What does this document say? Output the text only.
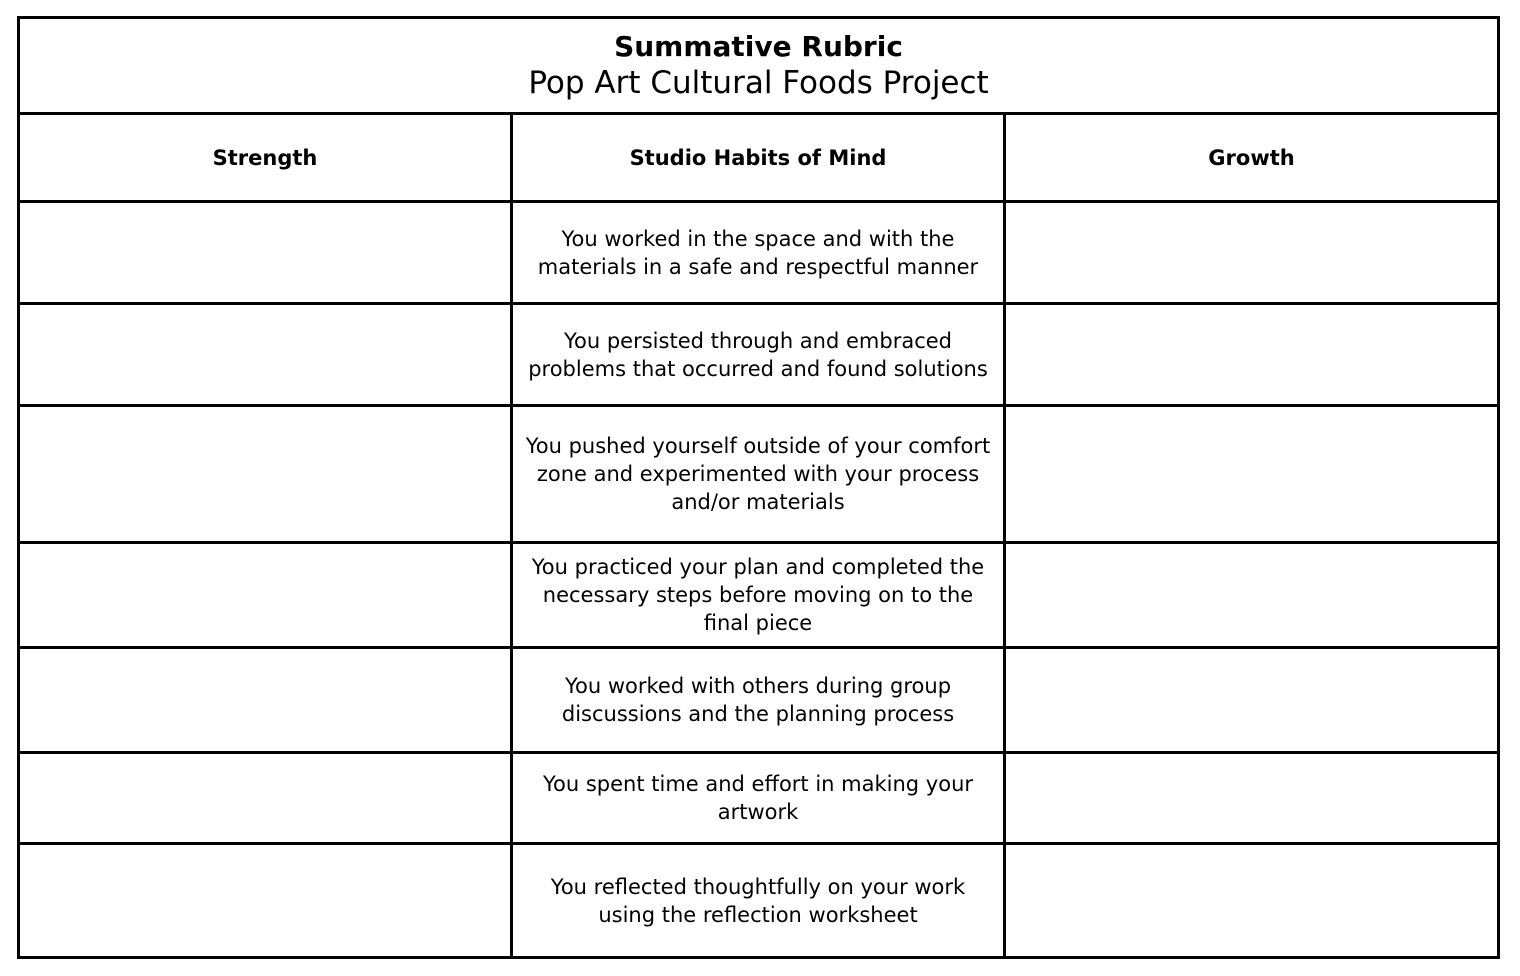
Summative Rubric
Pop Art Cultural Foods Project		

Strength	Studio Habits of Mind	Growth
	You worked in the space and with the materials in a safe and respectful manner	
	You persisted through and embraced problems that occurred and found solutions	
	You pushed yourself outside of your comfort zone and experimented with your process and/or materials	
	You practiced your plan and completed the necessary steps before moving on to the final piece	
	You worked with others during group discussions and the planning process	
	You spent time and effort in making your artwork	
	You reflected thoughtfully on your work using the reflection worksheet	
